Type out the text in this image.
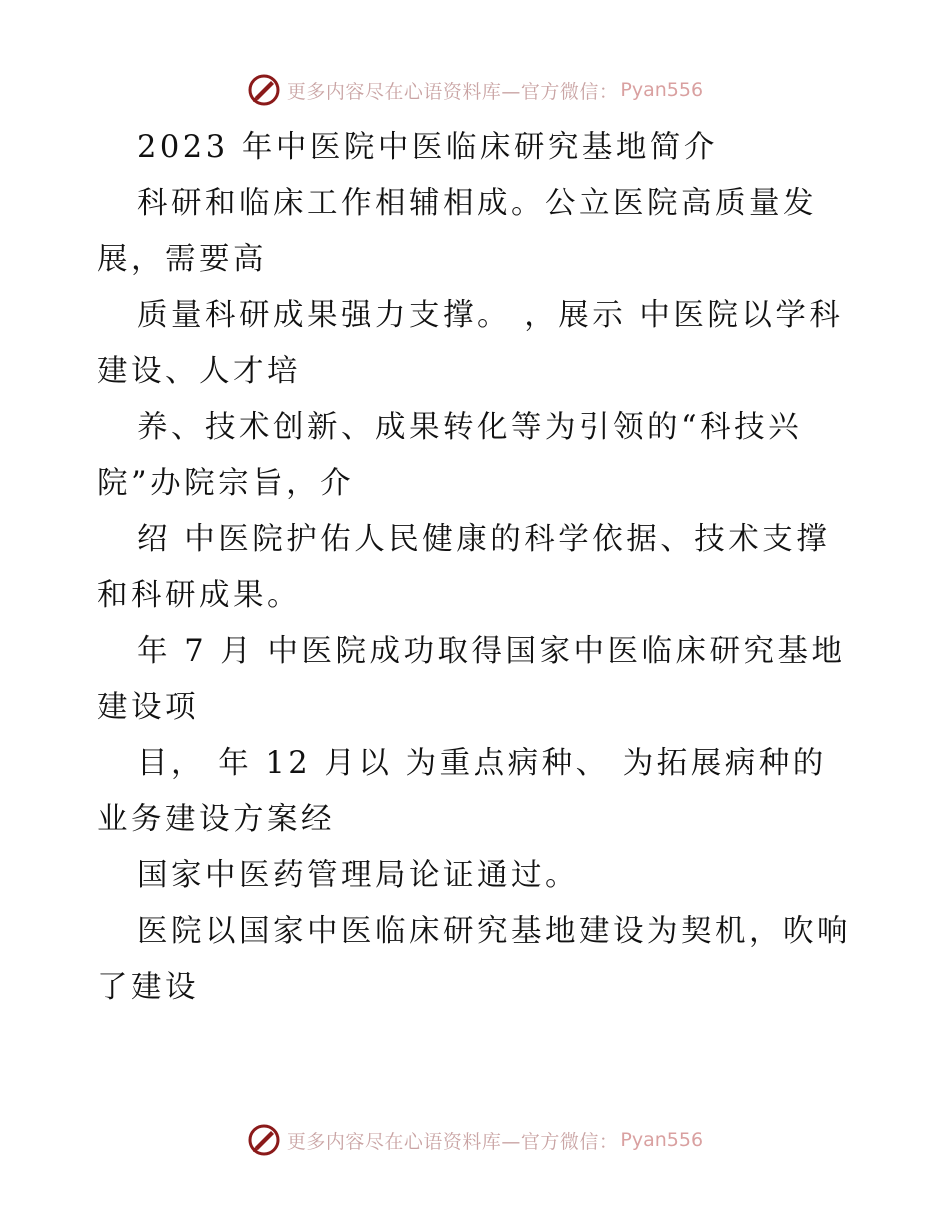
更多内容尽在心语资料库—官方微信： Pyan556
2023 年中医院中医临床研究基地简介
科研和临床工作相辅相成。公立医院高质量发
展，需要高
质量科研成果强力支撑。 ，展示 中医院以学科
建设、人才培
养、技术创新、成果转化等为引领的“科技兴
院”办院宗旨，介
绍 中医院护佑人民健康的科学依据、技术支撑
和科研成果。
年 7 月 中医院成功取得国家中医临床研究基地
建设项
目， 年 12 月以 为重点病种、 为拓展病种的
业务建设方案经
国家中医药管理局论证通过。
医院以国家中医临床研究基地建设为契机，吹响
了建设
更多内容尽在心语资料库—官方微信： Pyan556
